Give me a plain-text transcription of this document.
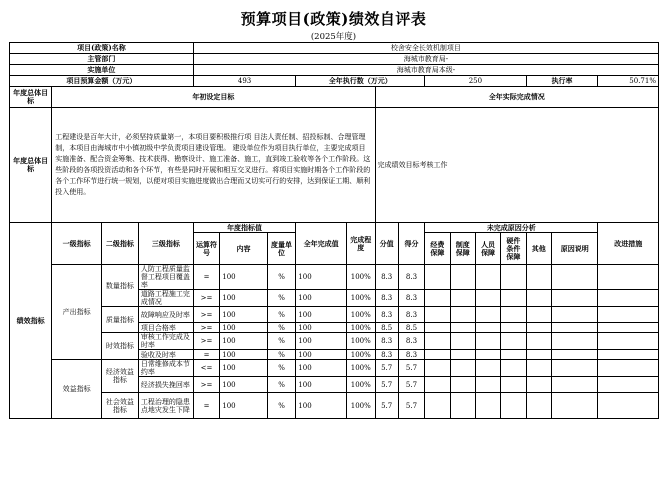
预算项目(政策)绩效自评表
(2025年度)
项目(政策)名称				校舍安全长效机制项目													
主管部门				海城市教育局-													
实施单位				海城市教育局本级-													
项目预算金额（万元）				493			全年执行数（万元）				250				执行率		50.71%
年度总体目标	年初设定目标								全年实际完成情况								
年度总体目标	工程建设是百年大计，必须坚持质量第一，本项目要积极推行项 目法人责任制、招投标制、合理管理制，本项目由海城市中小镇初级中学负责项目建设管理。 建设单位作为项目执行单位，主要完成项目实施准备、配合资金筹集、技术获得、勘察设计、施工准备、施工，直到竣工验收等各个工作阶段。这些阶段的各项投资活动和各个环节，有些是同时开展和相互交叉进行。将项目实施时期各个工作阶段的各个工作环节进行统一规划，以便对项目实施进度做出合理而又切实可行的安排，达到保证工期、顺利投入使用。								完成绩效目标考核工作								
绩效指标	一级指标	二级指标	三级指标	年度指标值			全年完成值	完成程度	分值	得分	未完成原因分析						改进措施
				运算符号	内容	度量单位					经费保障	制度保障	人员保障	硬件条件保障	其他	原因说明	

	产出指标	数量指标	人防工程质量监督工程项目覆盖率	=	100	%	100	100%	8.3	8.3							
			道路工程施工完成情况	>=	100	%	100	100%	8.3	8.3							
		质量指标	故障响应及时率	>=	100	%	100	100%	8.3	8.3							
			项目合格率	>=	100	%	100	100%	8.5	8.5							
		时效指标	审核工作完成及时率	>=	100	%	100	100%	8.3	8.3							
			验收及时率	=	100	%	100	100%	8.3	8.3							
	效益指标	经济效益指标	日常维修成本节约率	<=	100	%	100	100%	5.7	5.7							
			经济损失挽回率	>=	100	%	100	100%	5.7	5.7							
		社会效益指标	工程治理的隐患点地灾发生下降	=	100	%	100	100%	5.7	5.7							
